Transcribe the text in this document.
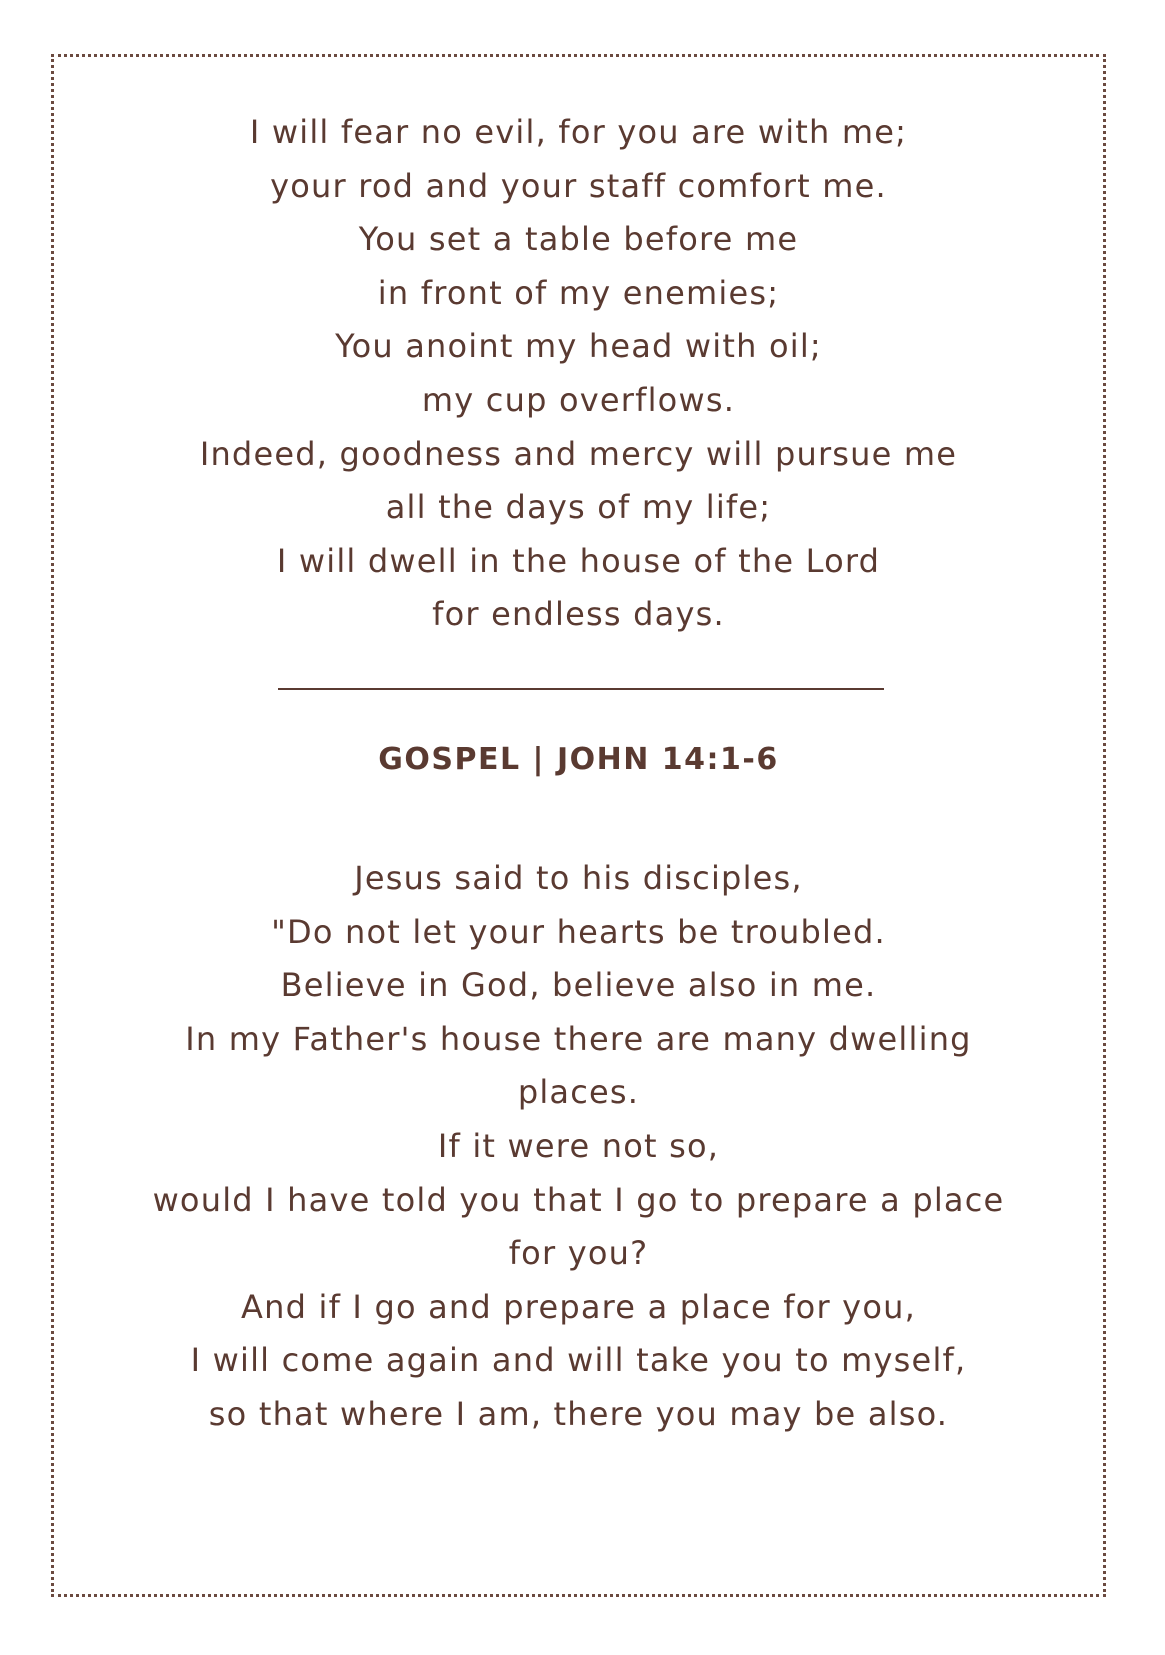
I will fear no evil, for you are with me;
your rod and your staff comfort me.
You set a table before me
in front of my enemies;
You anoint my head with oil;
my cup overflows.
Indeed, goodness and mercy will pursue me
all the days of my life;
I will dwell in the house of the Lord
for endless days.
GOSPEL | JOHN 14:1-6
Jesus said to his disciples,
"Do not let your hearts be troubled.
Believe in God, believe also in me.
In my Father's house there are many dwelling
places.
If it were not so,
would I have told you that I go to prepare a place
for you?
And if I go and prepare a place for you,
I will come again and will take you to myself,
so that where I am, there you may be also.
